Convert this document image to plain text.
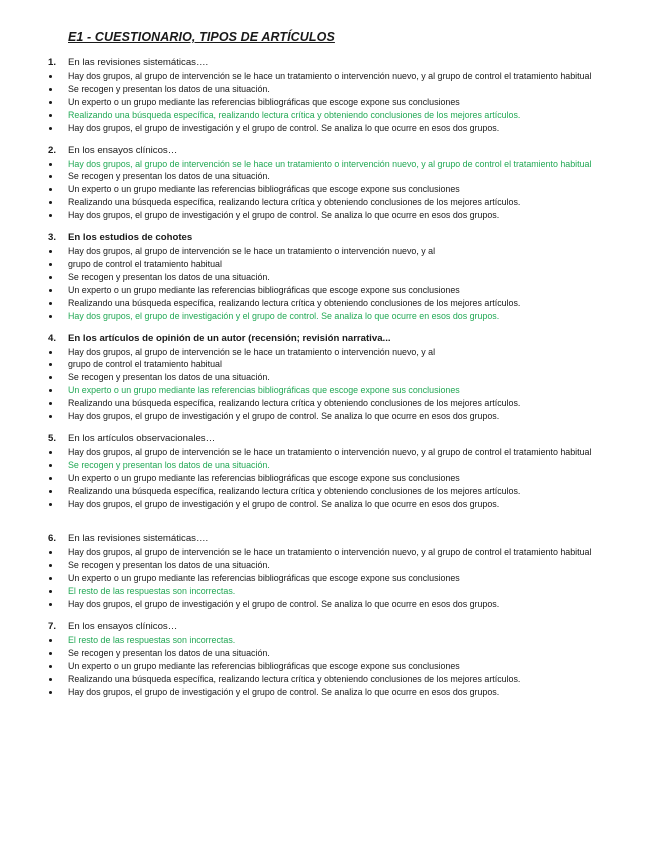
E1 - CUESTIONARIO, TIPOS DE ARTÍCULOS
1.	En las revisiones sistemáticas….
Hay dos grupos, al grupo de intervención se le hace un tratamiento o intervención nuevo, y al grupo de control el tratamiento habitual
Se recogen y presentan los datos de una situación.
Un experto o un grupo mediante las referencias bibliográficas que escoge expone sus conclusiones
Realizando una búsqueda específica, realizando lectura crítica y obteniendo conclusiones de los mejores artículos.
Hay dos grupos, el grupo de investigación y el grupo de control. Se analiza lo que ocurre en esos dos grupos.
2.	En los ensayos clínicos…
Hay dos grupos, al grupo de intervención se le hace un tratamiento o intervención nuevo, y al grupo de control el tratamiento habitual
Se recogen y presentan los datos de una situación.
Un experto o un grupo mediante las referencias bibliográficas que escoge expone sus conclusiones
Realizando una búsqueda específica, realizando lectura crítica y obteniendo conclusiones de los mejores artículos.
Hay dos grupos, el grupo de investigación y el grupo de control. Se analiza lo que ocurre en esos dos grupos.
3.	En los estudios de cohotes
Hay dos grupos, al grupo de intervención se le hace un tratamiento o intervención nuevo, y al
grupo de control el tratamiento habitual
Se recogen y presentan los datos de una situación.
Un experto o un grupo mediante las referencias bibliográficas que escoge expone sus conclusiones
Realizando una búsqueda específica, realizando lectura crítica y obteniendo conclusiones de los mejores artículos.
Hay dos grupos, el grupo de investigación y el grupo de control. Se analiza lo que ocurre en esos dos grupos.
4.	En los artículos de opinión de un autor (recensión; revisión narrativa...
Hay dos grupos, al grupo de intervención se le hace un tratamiento o intervención nuevo, y al
grupo de control el tratamiento habitual
Se recogen y presentan los datos de una situación.
Un experto o un grupo mediante las referencias bibliográficas que escoge expone sus conclusiones
Realizando una búsqueda específica, realizando lectura crítica y obteniendo conclusiones de los mejores artículos.
Hay dos grupos, el grupo de investigación y el grupo de control. Se analiza lo que ocurre en esos dos grupos.
5.	En los artículos observacionales…
Hay dos grupos, al grupo de intervención se le hace un tratamiento o intervención nuevo, y al grupo de control el tratamiento habitual
Se recogen y presentan los datos de una situación.
Un experto o un grupo mediante las referencias bibliográficas que escoge expone sus conclusiones
Realizando una búsqueda específica, realizando lectura crítica y obteniendo conclusiones de los mejores artículos.
Hay dos grupos, el grupo de investigación y el grupo de control. Se analiza lo que ocurre en esos dos grupos.
6.	En las revisiones sistemáticas….
Hay dos grupos, al grupo de intervención se le hace un tratamiento o intervención nuevo, y al grupo de control el tratamiento habitual
Se recogen y presentan los datos de una situación.
Un experto o un grupo mediante las referencias bibliográficas que escoge expone sus conclusiones
El resto de las respuestas son incorrectas.
Hay dos grupos, el grupo de investigación y el grupo de control. Se analiza lo que ocurre en esos dos grupos.
7.	En los ensayos clínicos…
El resto de las respuestas son incorrectas.
Se recogen y presentan los datos de una situación.
Un experto o un grupo mediante las referencias bibliográficas que escoge expone sus conclusiones
Realizando una búsqueda específica, realizando lectura crítica y obteniendo conclusiones de los mejores artículos.
Hay dos grupos, el grupo de investigación y el grupo de control. Se analiza lo que ocurre en esos dos grupos.
